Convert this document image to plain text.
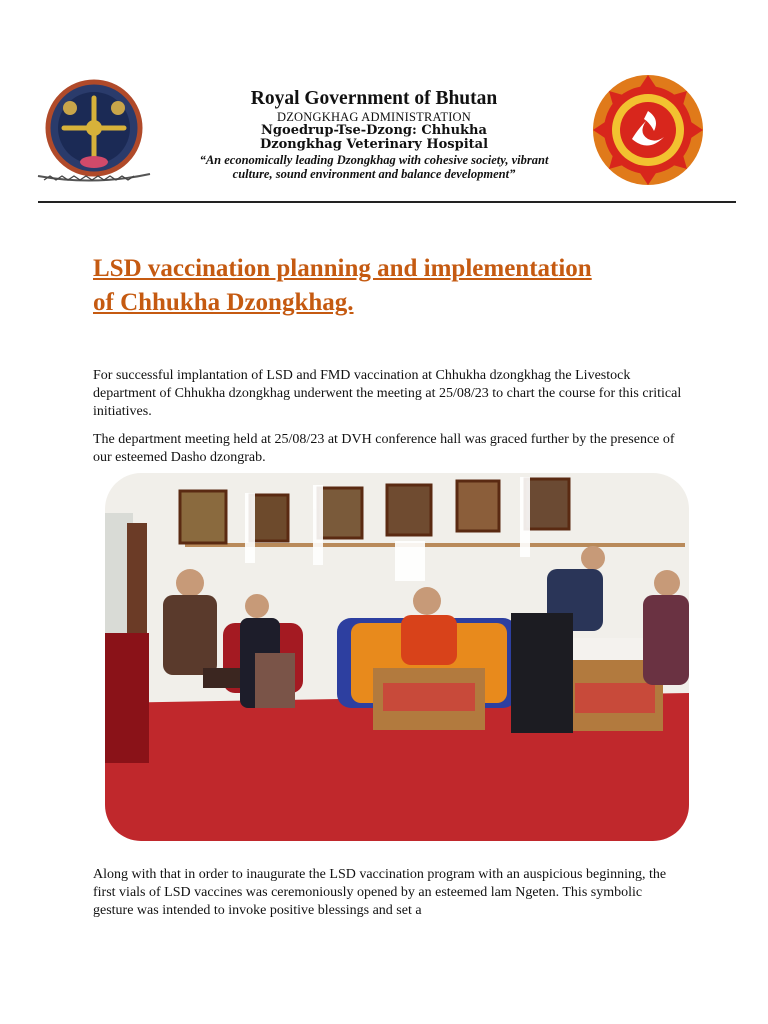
Royal Government of Bhutan
DZONGKHAG ADMINISTRATION
Ngoedrup-Tse-Dzong: Chhukha
Dzongkhag Veterinary Hospital
“An economically leading Dzongkhag with cohesive society, vibrant
culture, sound environment and balance development”
LSD vaccination planning and implementation
of Chhukha Dzongkhag.

For successful implantation of LSD and FMD vaccination at Chhukha dzongkhag the Livestock department of Chhukha dzongkhag underwent the meeting at 25/08/23 to chart the course for this critical initiatives.

The department meeting held at 25/08/23 at DVH conference hall was graced further by the presence of our esteemed Dasho dzongrab.

Along with that in order to inaugurate the LSD vaccination program with an auspicious beginning, the first vials of LSD vaccines was ceremoniously opened by an esteemed lam Ngeten. This symbolic gesture was intended to invoke positive blessings and set a
